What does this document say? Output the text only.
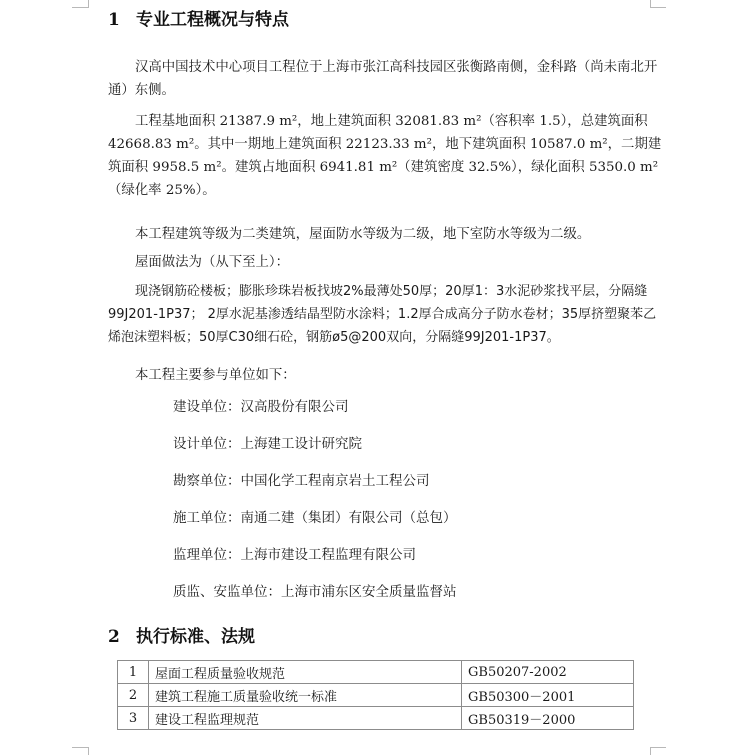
1 专业工程概况与特点
汉高中国技术中心项目工程位于上海市张江高科技园区张衡路南侧，金科路（尚未南北开通）东侧。
工程基地面积 21387.9 m²，地上建筑面积 32081.83 m²（容积率 1.5），总建筑面积 42668.83 m²。其中一期地上建筑面积 22123.33 m²，地下建筑面积 10587.0 m²，二期建筑面积 9958.5 m²。建筑占地面积 6941.81 m²（建筑密度 32.5%），绿化面积 5350.0 m²（绿化率 25%）。
本工程建筑等级为二类建筑，屋面防水等级为二级，地下室防水等级为二级。
屋面做法为（从下至上）：
现浇钢筋砼楼板；膨胀珍珠岩板找坡2%最薄处50厚；20厚1：3水泥砂浆找平层，分隔缝99J201-1P37； 2厚水泥基渗透结晶型防水涂料；1.2厚合成高分子防水卷材；35厚挤塑聚苯乙烯泡沫塑料板；50厚C30细石砼，钢筋ø5@200双向，分隔缝99J201-1P37。
本工程主要参与单位如下：
建设单位：汉高股份有限公司
设计单位：上海建工设计研究院
勘察单位：中国化学工程南京岩土工程公司
施工单位：南通二建（集团）有限公司（总包）
监理单位：上海市建设工程监理有限公司
质监、安监单位：上海市浦东区安全质量监督站
2 执行标准、法规
1	屋面工程质量验收规范	GB50207-2002
2	建筑工程施工质量验收统一标准	GB50300－2001
3	建设工程监理规范	GB50319－2000
